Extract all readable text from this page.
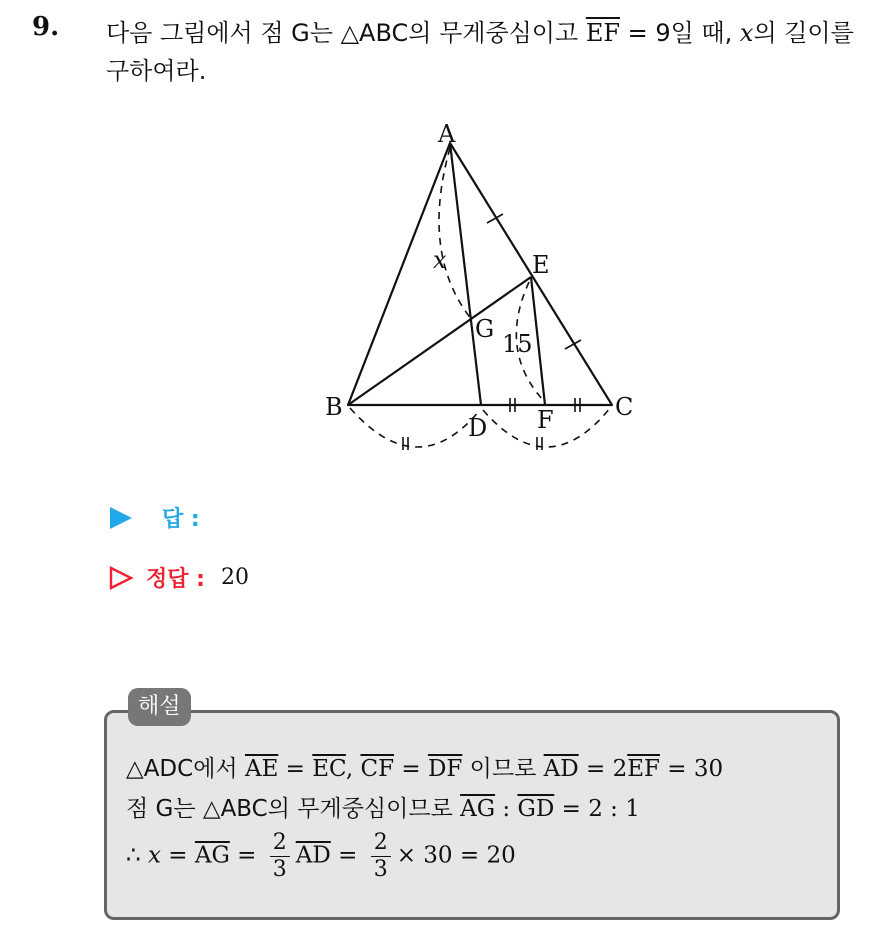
9. 다음 그림에서 점 G는 △ABC의 무게중심이고 $\overline{EF} = 9$일 때, x의 길이를 구하여라.
A
B	C
D
E
F
G
x
15
답 :
정답 : 20
해설
△ADC에서 $\overline{AE} = \overline{EC}$, $\overline{CF} = \overline{DF}$ 이므로 $\overline{AD} = 2\overline{EF} = 30$
점 G는 △ABC의 무게중심이므로 $\overline{AG}$ : $\overline{GD} = 2$ : 1
∴ $x = \overline{AG} = \frac{2}{3} \overline{AD} = \frac{2}{3} \times 30 = 20$
